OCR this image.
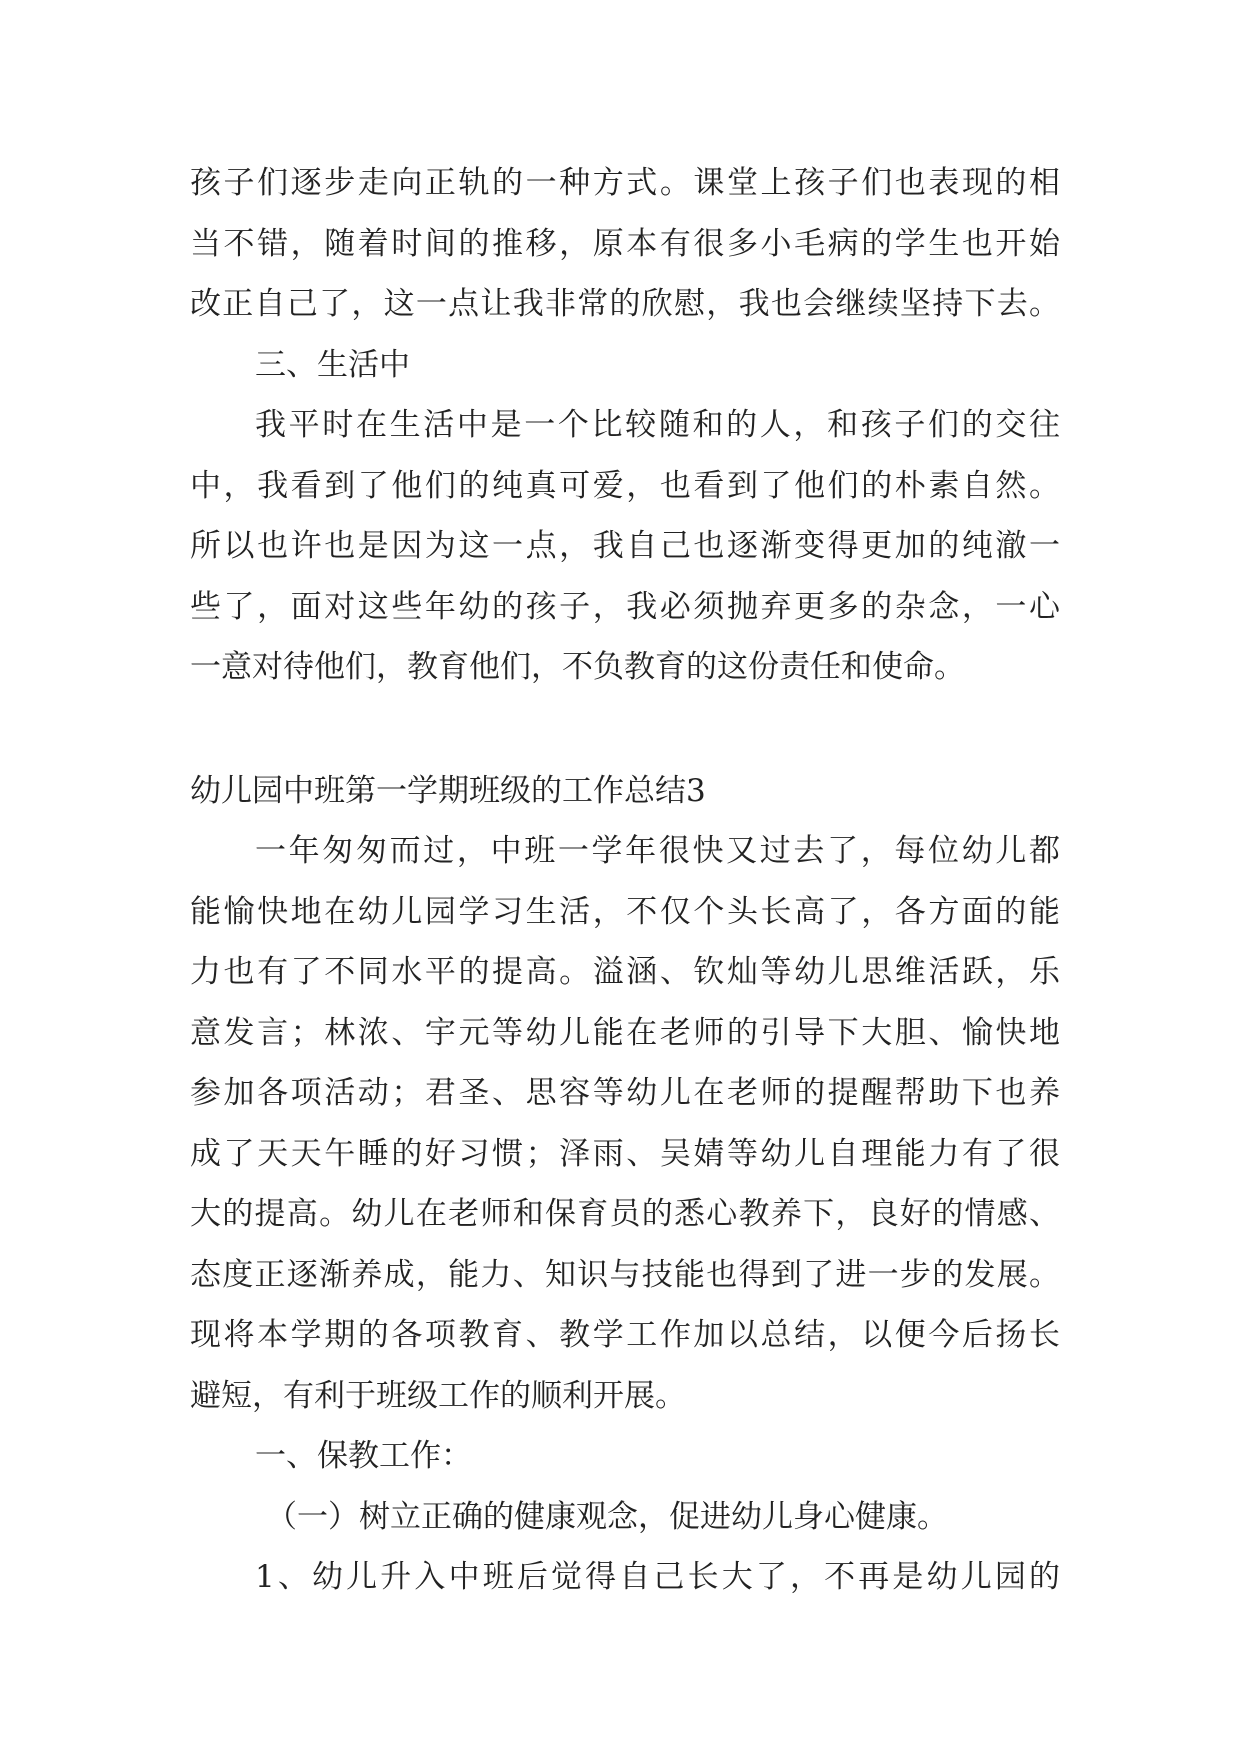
孩子们逐步走向正轨的一种方式。课堂上孩子们也表现的相
当不错，随着时间的推移，原本有很多小毛病的学生也开始
改正自己了，这一点让我非常的欣慰，我也会继续坚持下去。
三、生活中
我平时在生活中是一个比较随和的人，和孩子们的交往
中，我看到了他们的纯真可爱，也看到了他们的朴素自然。
所以也许也是因为这一点，我自己也逐渐变得更加的纯澈一
些了，面对这些年幼的孩子，我必须抛弃更多的杂念，一心
一意对待他们，教育他们，不负教育的这份责任和使命。
幼儿园中班第一学期班级的工作总结3
一年匆匆而过，中班一学年很快又过去了，每位幼儿都
能愉快地在幼儿园学习生活，不仅个头长高了，各方面的能
力也有了不同水平的提高。溢涵、钦灿等幼儿思维活跃，乐
意发言；林浓、宇元等幼儿能在老师的引导下大胆、愉快地
参加各项活动；君圣、思容等幼儿在老师的提醒帮助下也养
成了天天午睡的好习惯；泽雨、吴婧等幼儿自理能力有了很
大的提高。幼儿在老师和保育员的悉心教养下，良好的情感、
态度正逐渐养成，能力、知识与技能也得到了进一步的发展。
现将本学期的各项教育、教学工作加以总结，以便今后扬长
避短，有利于班级工作的顺利开展。
一、保教工作：
（一）树立正确的健康观念，促进幼儿身心健康。
1、幼儿升入中班后觉得自己长大了，不再是幼儿园的
